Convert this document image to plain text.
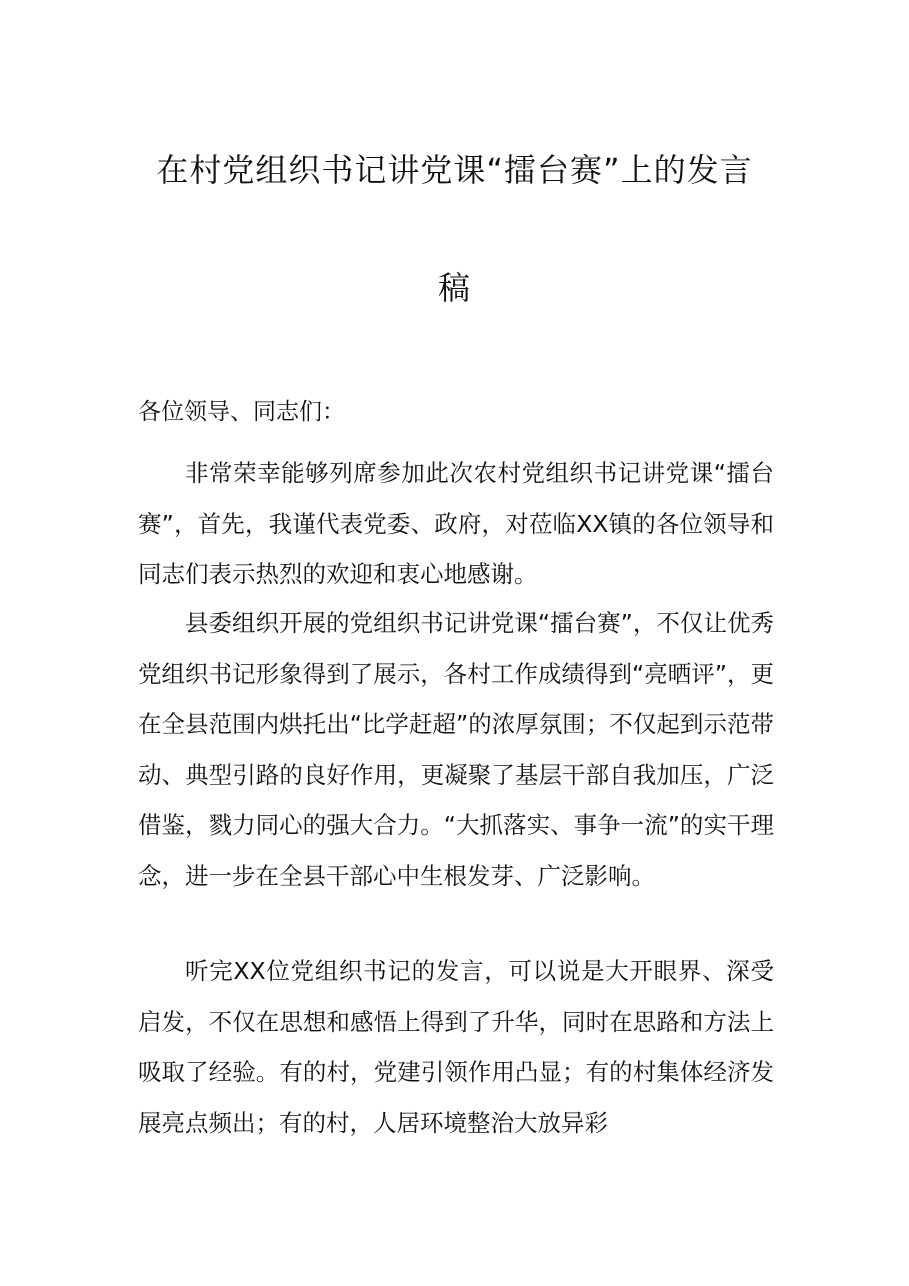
在村党组织书记讲党课“擂台赛”上的发言
稿
各位领导、同志们：

非常荣幸能够列席参加此次农村党组织书记讲党课“擂台赛”，首先，我谨代表党委、政府，对莅临XX镇的各位领导和同志们表示热烈的欢迎和衷心地感谢。

县委组织开展的党组织书记讲党课“擂台赛”，不仅让优秀党组织书记形象得到了展示，各村工作成绩得到“亮晒评”，更在全县范围内烘托出“比学赶超”的浓厚氛围；不仅起到示范带动、典型引路的良好作用，更凝聚了基层干部自我加压，广泛借鉴，戮力同心的强大合力。“大抓落实、事争一流”的实干理念，进一步在全县干部心中生根发芽、广泛影响。

听完XX位党组织书记的发言，可以说是大开眼界、深受启发，不仅在思想和感悟上得到了升华，同时在思路和方法上吸取了经验。有的村，党建引领作用凸显；有的村集体经济发展亮点频出；有的村，人居环境整治大放异彩
